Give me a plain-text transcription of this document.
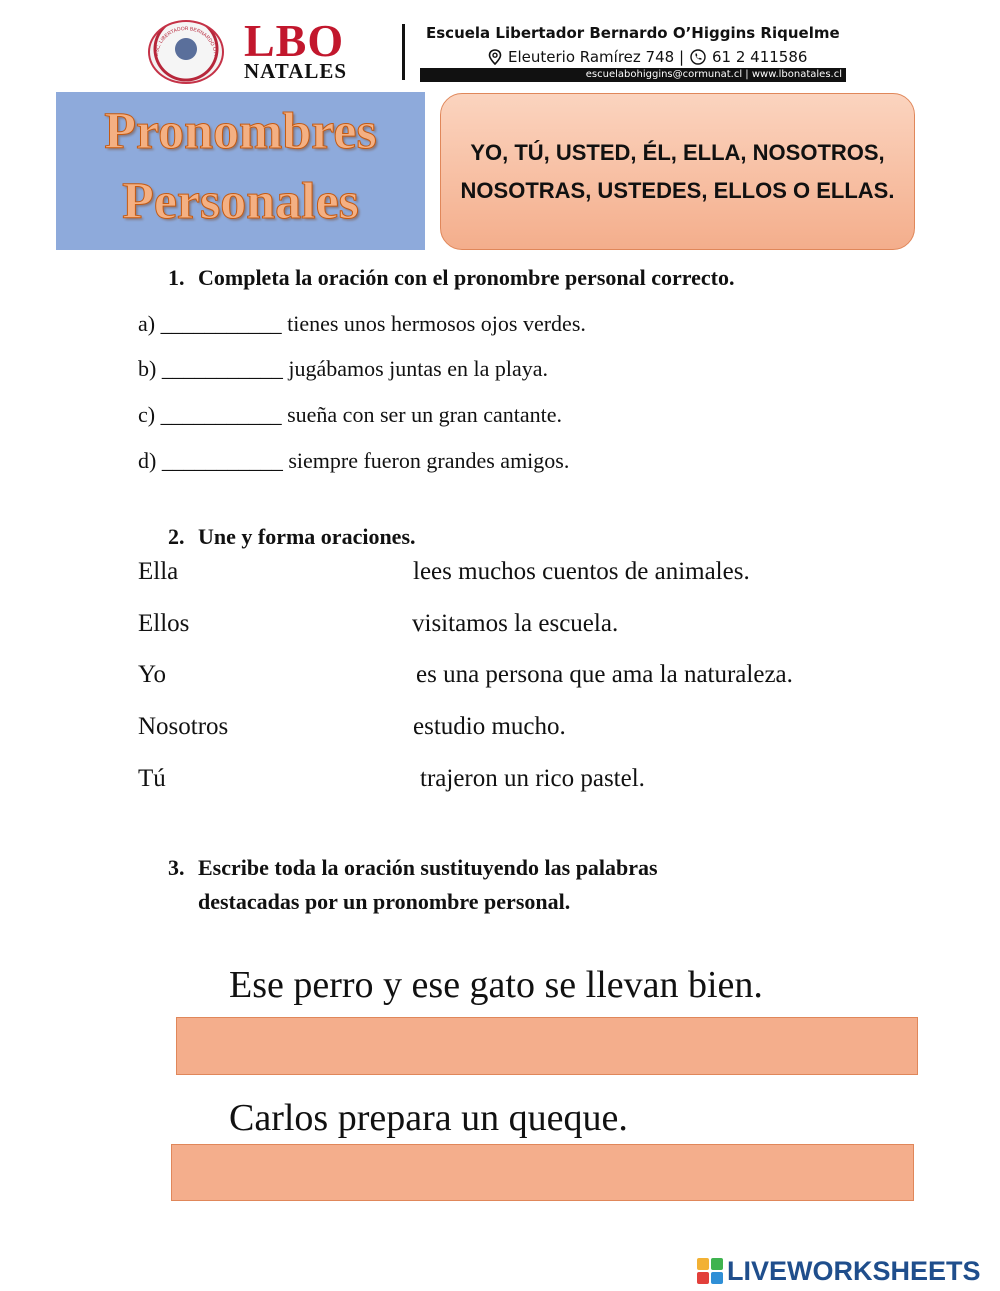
ESC. LIBERTADOR BERNARDO O'H LBO
NATALES
Escuela Libertador Bernardo O’Higgins Riquelme
Eleuterio Ramírez 748 | 61 2 411586
escuelabohiggins@cormunat.cl | www.lbonatales.cl
Pronombres
Personales
YO, TÚ, USTED, ÉL, ELLA, NOSOTROS, NOSOTRAS, USTEDES, ELLOS O ELLAS.
1. Completa la oración con el pronombre personal correcto.
a) ___________ tienes unos hermosos ojos verdes.
b) ___________ jugábamos juntas en la playa.
c) ___________ sueña con ser un gran cantante.
d) ___________ siempre fueron grandes amigos.
2. Une y forma oraciones.
Ella	lees muchos cuentos de animales.
Ellos	visitamos la escuela.
Yo	es una persona que ama la naturaleza.
Nosotros	estudio mucho.
Tú	trajeron un rico pastel.
3. Escribe toda la oración sustituyendo las palabras
destacadas por un pronombre personal.
Ese perro y ese gato se llevan bien.
Carlos prepara un queque.
LIVEWORKSHEETS
